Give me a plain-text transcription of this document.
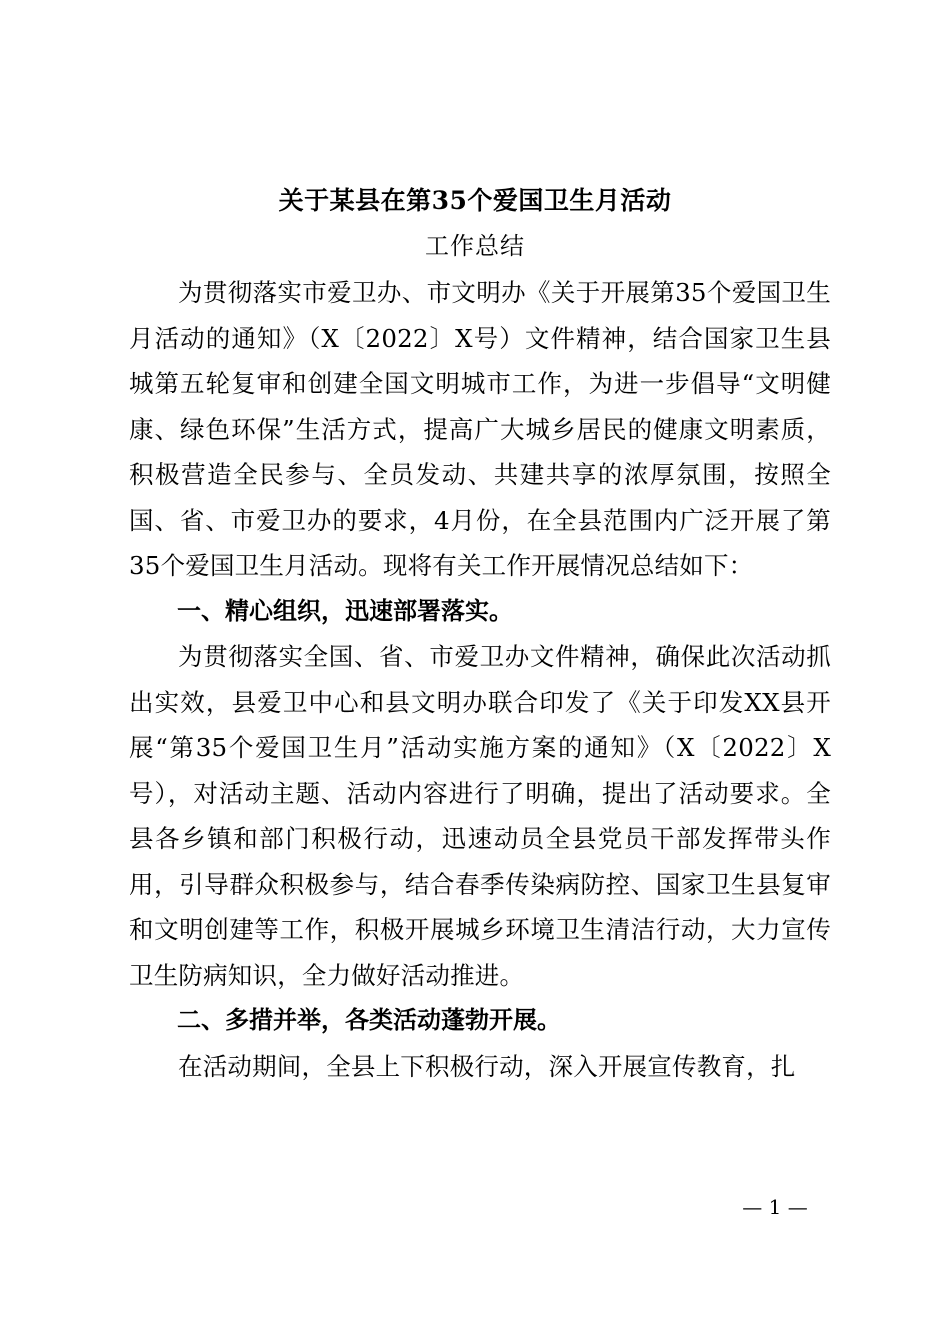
关于某县在第35个爱国卫生月活动
工作总结

为贯彻落实市爱卫办、市文明办《关于开展第35个爱国卫生月活动的通知》（X〔2022〕X号）文件精神，结合国家卫生县城第五轮复审和创建全国文明城市工作，为进一步倡导“文明健康、绿色环保”生活方式，提高广大城乡居民的健康文明素质，积极营造全民参与、全员发动、共建共享的浓厚氛围，按照全国、省、市爱卫办的要求，4月份，在全县范围内广泛开展了第35个爱国卫生月活动。现将有关工作开展情况总结如下：

一、精心组织，迅速部署落实。

为贯彻落实全国、省、市爱卫办文件精神，确保此次活动抓出实效，县爱卫中心和县文明办联合印发了《关于印发XX县开展“第35个爱国卫生月”活动实施方案的通知》（X〔2022〕X号），对活动主题、活动内容进行了明确，提出了活动要求。全县各乡镇和部门积极行动，迅速动员全县党员干部发挥带头作用，引导群众积极参与，结合春季传染病防控、国家卫生县复审和文明创建等工作，积极开展城乡环境卫生清洁行动，大力宣传卫生防病知识，全力做好活动推进。

二、多措并举，各类活动蓬勃开展。

在活动期间，全县上下积极行动，深入开展宣传教育，扎

— 1 —
